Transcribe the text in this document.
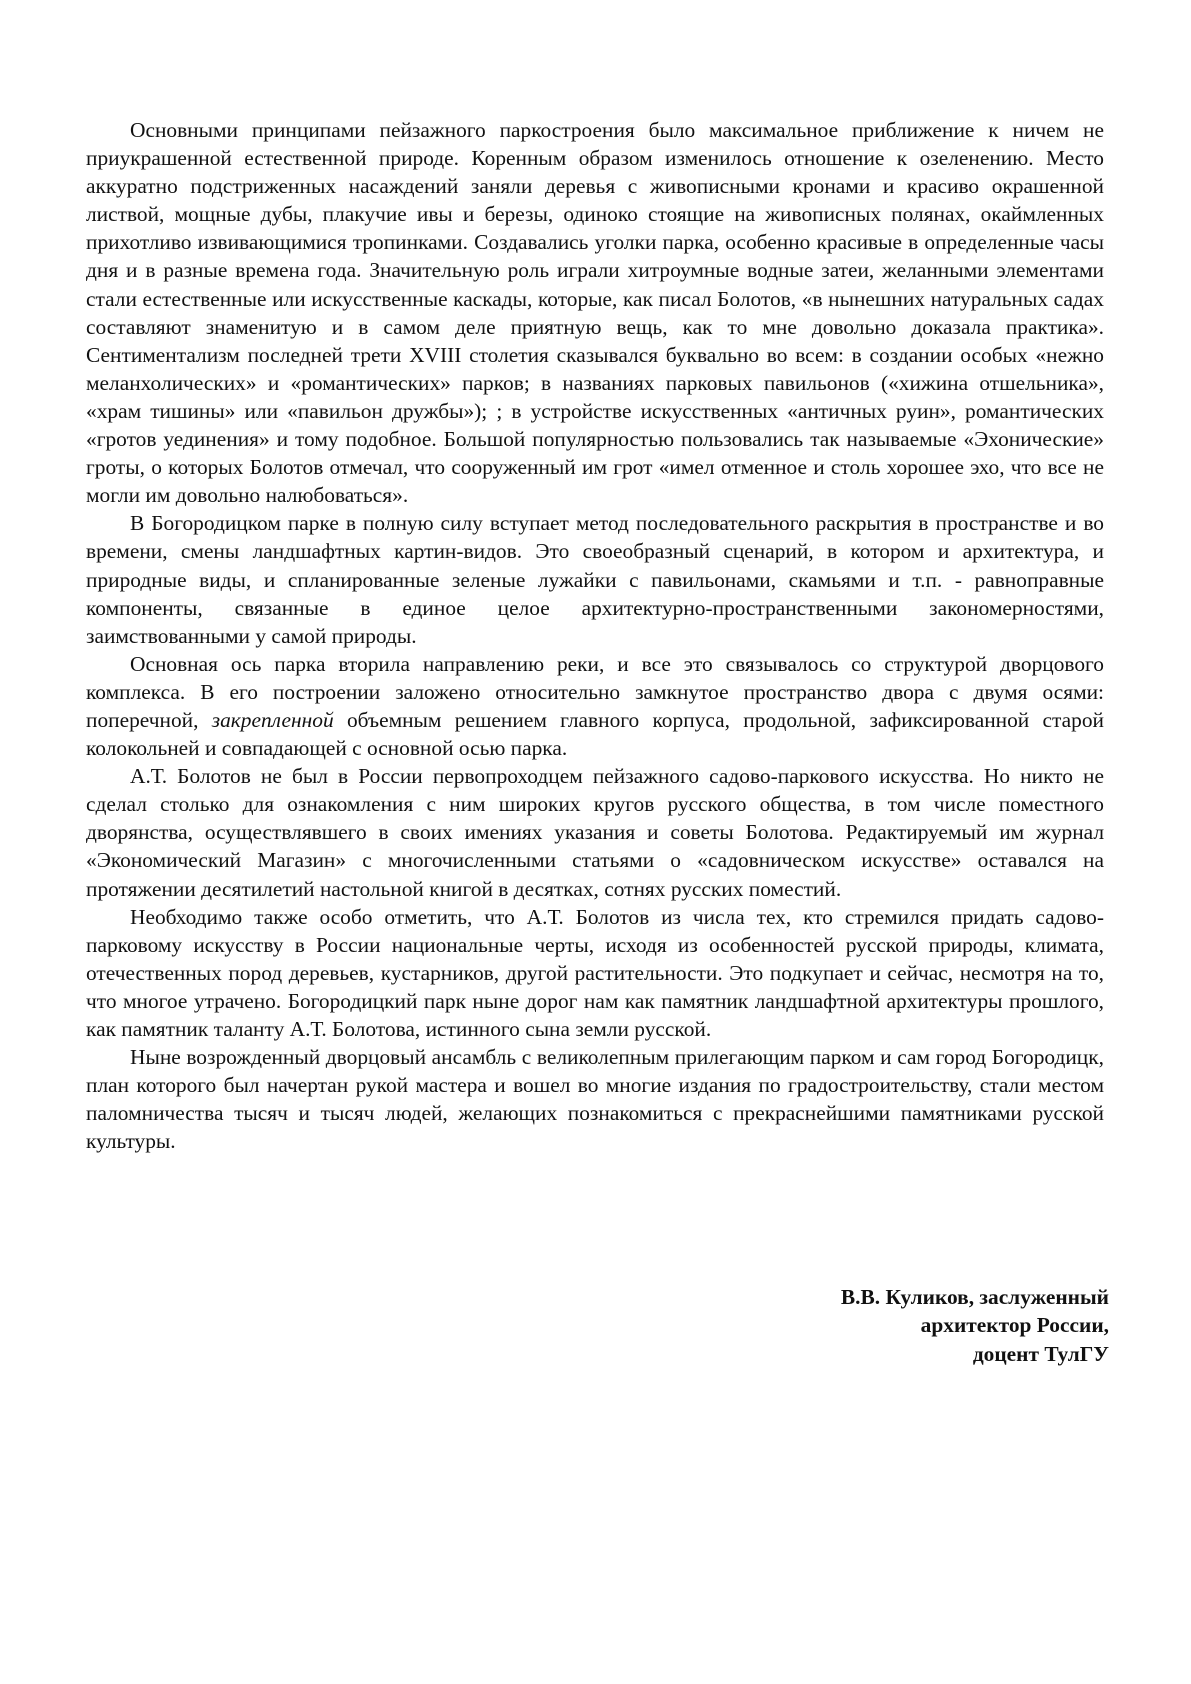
Основными принципами пейзажного паркостроения было максимальное приближение к ничем не приукрашенной естественной природе. Коренным образом изменилось отношение к озеленению. Место аккуратно подстриженных насаждений заняли деревья с живописными кронами и красиво окрашенной листвой, мощные дубы, плакучие ивы и березы, одиноко стоящие на живописных полянах, окаймленных прихотливо извивающимися тропинками. Создавались уголки парка, особенно красивые в определенные часы дня и в разные времена года. Значительную роль играли хитроумные водные затеи, желанными элементами стали естественные или искусственные каскады, которые, как писал Болотов, «в нынешних натуральных садах составляют знаменитую и в самом деле приятную вещь, как то мне довольно доказала практика». Сентиментализм последней трети XVIII столетия сказывался буквально во всем: в создании особых «нежно меланхолических» и «романтических» парков; в названиях парковых павильонов («хижина отшельника», «храм тишины» или «павильон дружбы»); ; в устройстве искусственных «античных руин», романтических «гротов уединения» и тому подобное. Большой популярностью пользовались так называемые «Эхонические» гроты, о которых Болотов отмечал, что сооруженный им грот «имел отменное и столь хорошее эхо, что все не могли им довольно налюбоваться».

В Богородицком парке в полную силу вступает метод последовательного раскрытия в пространстве и во времени, смены ландшафтных картин-видов. Это своеобразный сценарий, в котором и архитектура, и природные виды, и спланированные зеленые лужайки с павильонами, скамьями и т.п. - равноправные компоненты, связанные в единое целое архитектурно-пространственными закономерностями, заимствованными у самой природы.

Основная ось парка вторила направлению реки, и все это связывалось со структурой дворцового комплекса. В его построении заложено относительно замкнутое пространство двора с двумя осями: поперечной, закрепленной объемным решением главного корпуса, продольной, зафиксированной старой колокольней и совпадающей с основной осью парка.

А.Т. Болотов не был в России первопроходцем пейзажного садово-паркового искусства. Но никто не сделал столько для ознакомления с ним широких кругов русского общества, в том числе поместного дворянства, осуществлявшего в своих имениях указания и советы Болотова. Редактируемый им журнал «Экономический Магазин» с многочисленными статьями о «садовническом искусстве» оставался на протяжении десятилетий настольной книгой в десятках, сотнях русских поместий.

Необходимо также особо отметить, что А.Т. Болотов из числа тех, кто стремился придать садово-парковому искусству в России национальные черты, исходя из особенностей русской природы, климата, отечественных пород деревьев, кустарников, другой растительности. Это подкупает и сейчас, несмотря на то, что многое утрачено. Богородицкий парк ныне дорог нам как памятник ландшафтной архитектуры прошлого, как памятник таланту А.Т. Болотова, истинного сына земли русской.

Ныне возрожденный дворцовый ансамбль с великолепным прилегающим парком и сам город Богородицк, план которого был начертан рукой мастера и вошел во многие издания по градостроительству, стали местом паломничества тысяч и тысяч людей, желающих познакомиться с прекраснейшими памятниками русской культуры.

В.В. Куликов, заслуженный
архитектор России,
доцент ТулГУ
